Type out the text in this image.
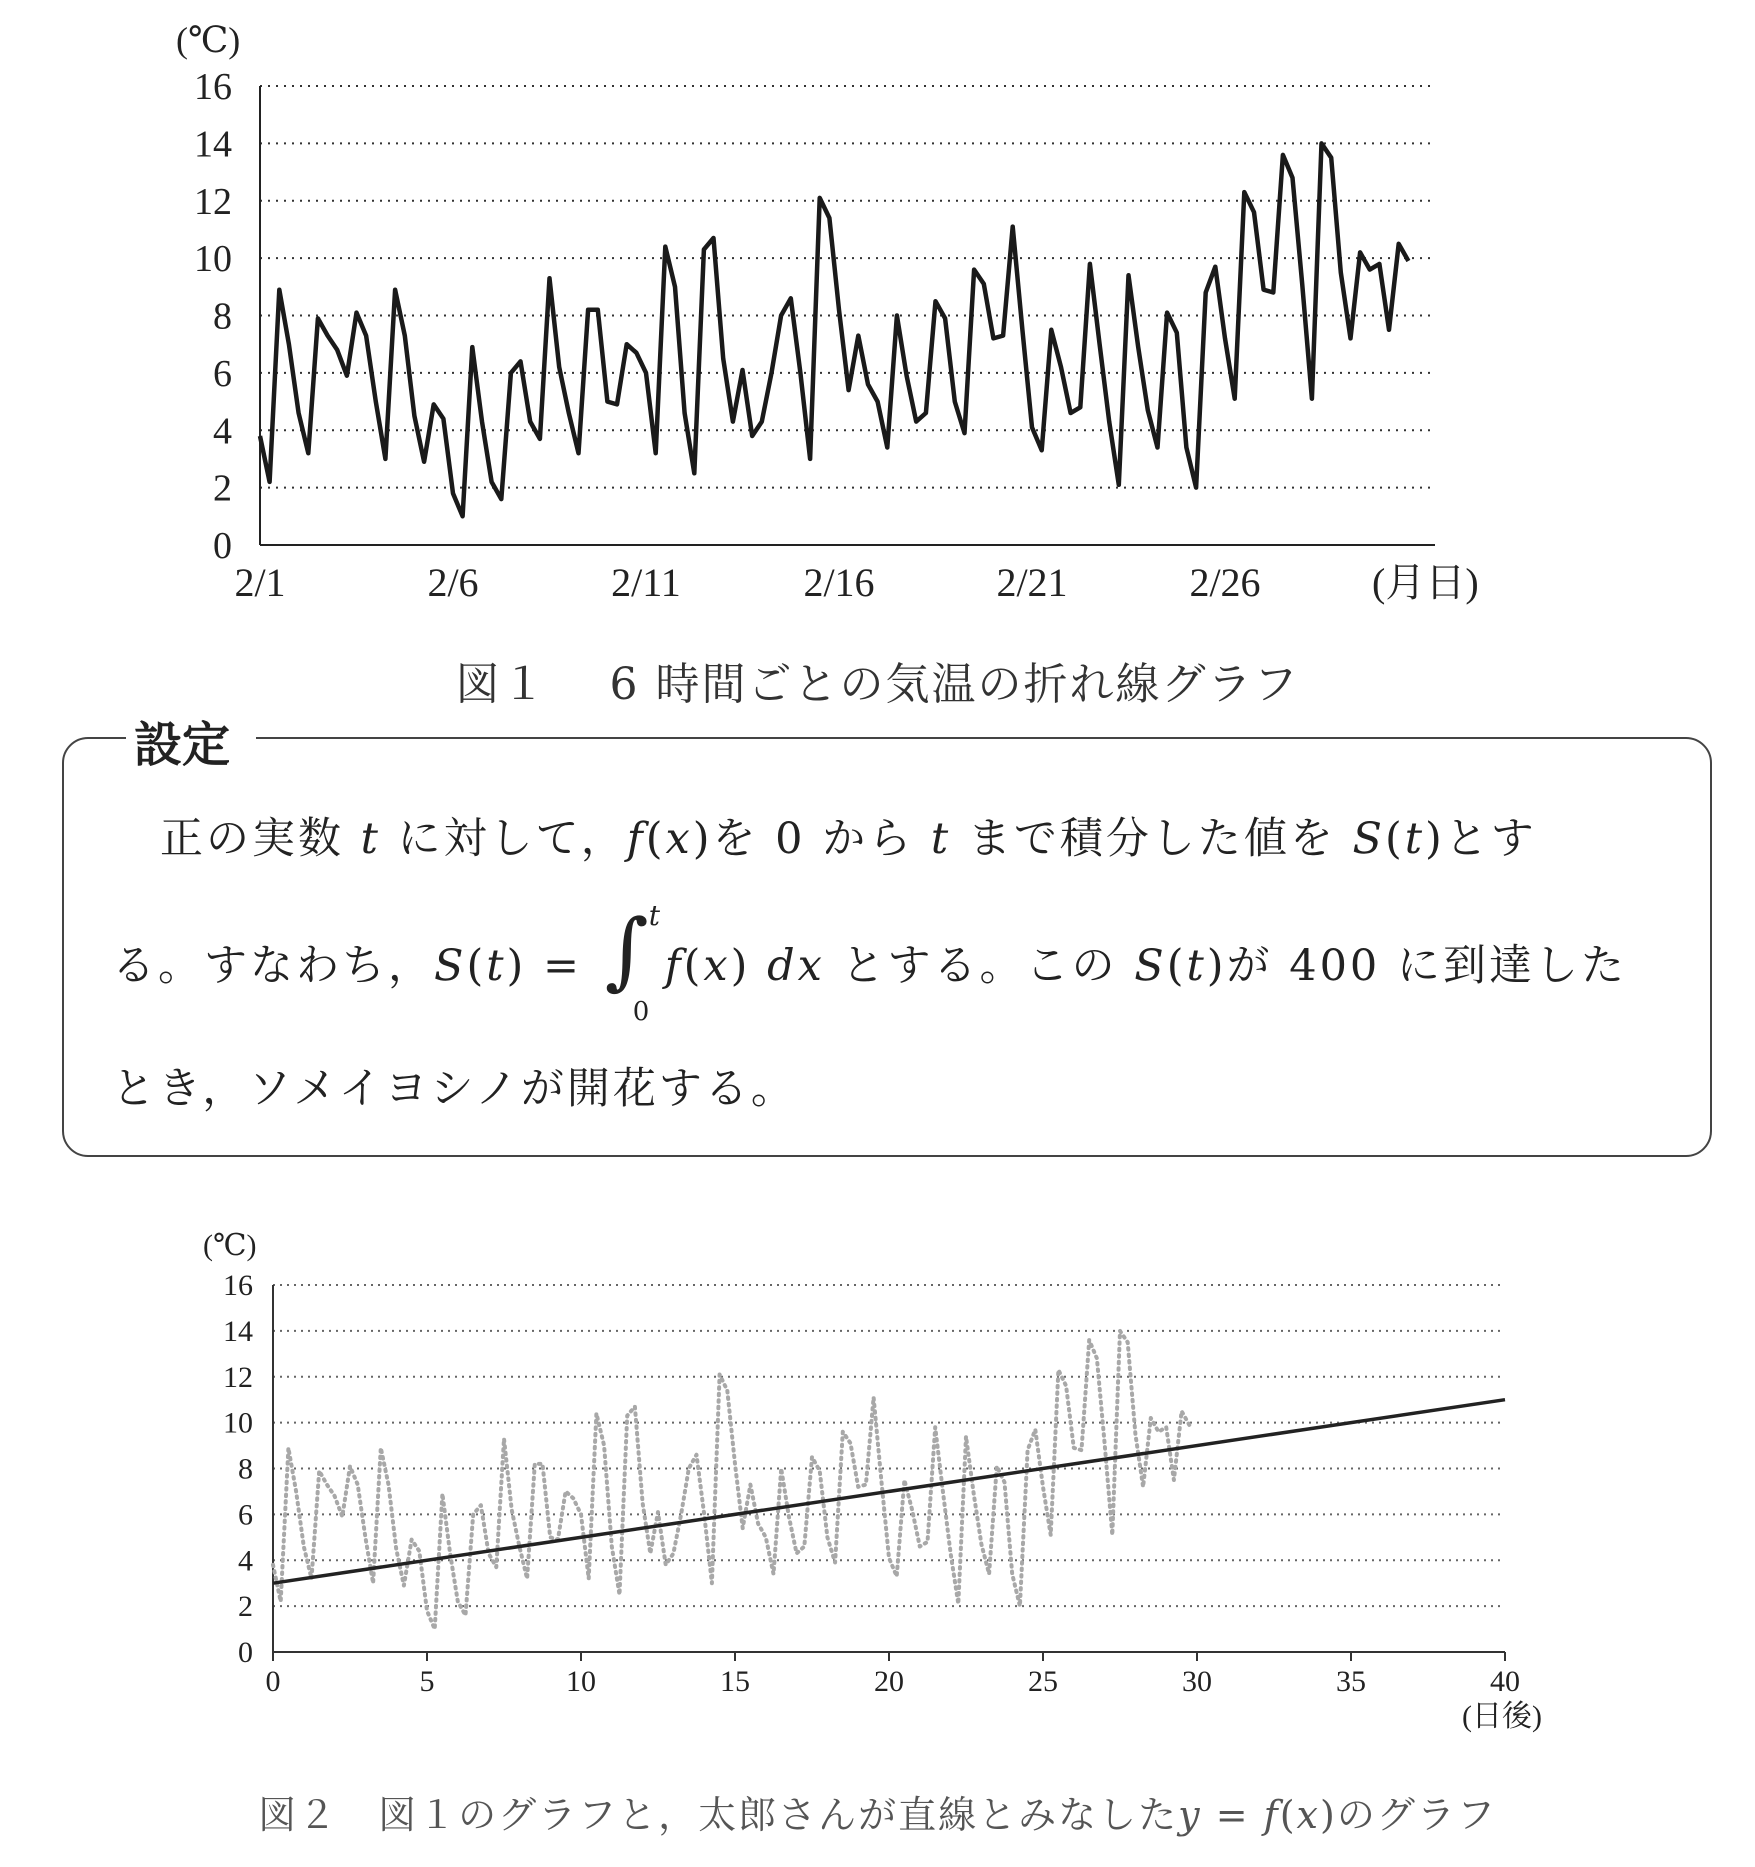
(℃)
0
2
4
6
8
10
12
14
16
2/1	2/6	2/11	2/16	2/21	2/26	(月日)
図１　 6 時間ごとの気温の折れ線グラフ
設定
正の実数 t に対して，f(x)を 0 から t まで積分した値を S(t)とす
る。すなわち，S(t) = ∫
t
0
f(x) dx とする。この S(t)が 400 に到達した
とき，ソメイヨシノが開花する。
(℃)
0
2
4
6
8
10
12
14
16
0	5	10	15	20	25	30	35	40
(日後)
図２　図１のグラフと，太郎さんが直線とみなしたy = f(x)のグラフ
